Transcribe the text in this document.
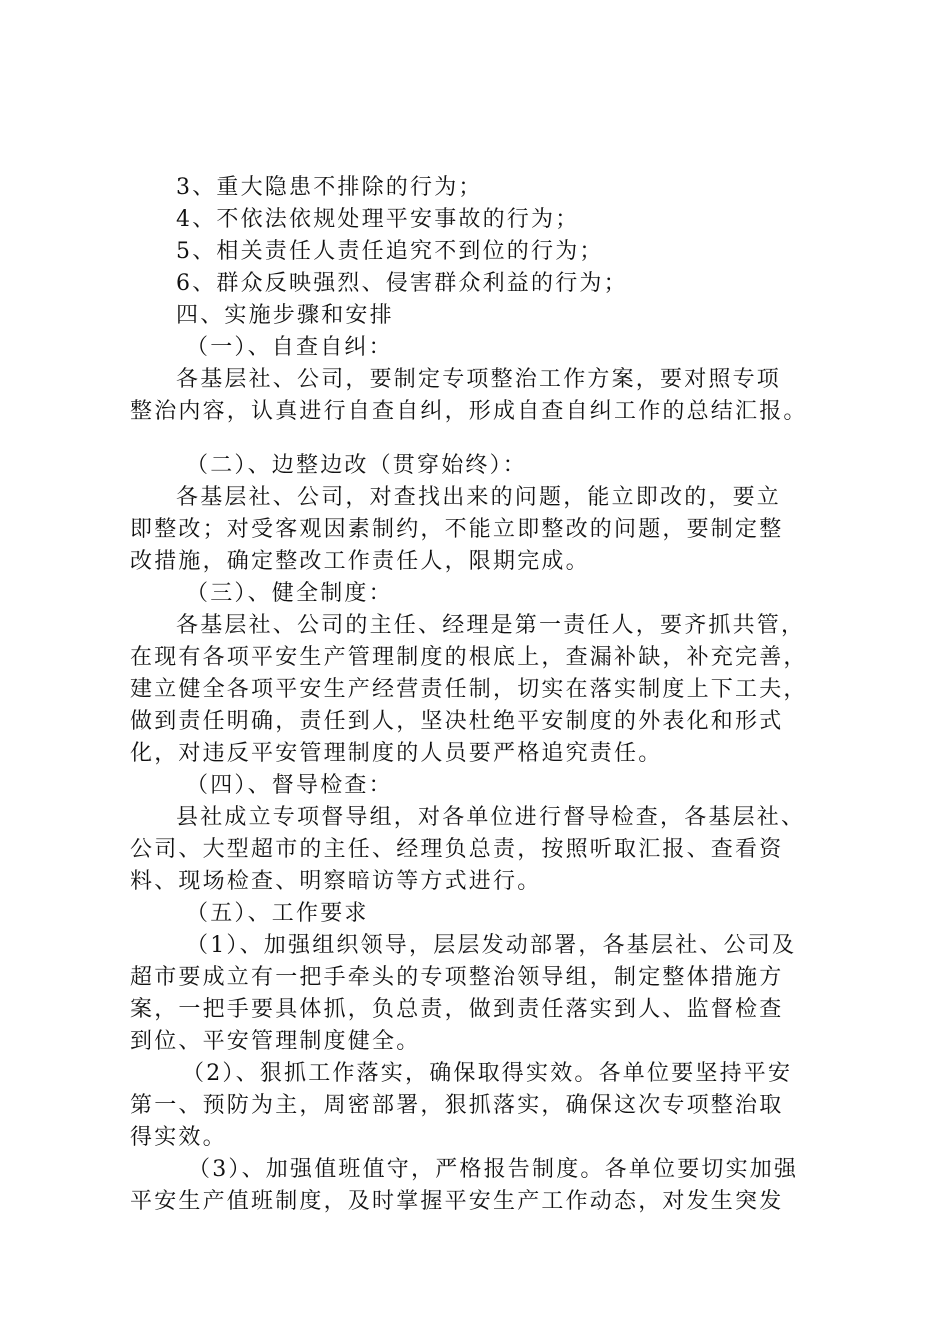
3、重大隐患不排除的行为；
4、不依法依规处理平安事故的行为；
5、相关责任人责任追究不到位的行为；
6、群众反映强烈、侵害群众利益的行为；
四、实施步骤和安排
（一）、自查自纠：
各基层社、公司，要制定专项整治工作方案，要对照专项
整治内容，认真进行自查自纠，形成自查自纠工作的总结汇报。
（二）、边整边改（贯穿始终）：
各基层社、公司，对查找出来的问题，能立即改的，要立
即整改；对受客观因素制约，不能立即整改的问题，要制定整
改措施，确定整改工作责任人，限期完成。
（三）、健全制度：
各基层社、公司的主任、经理是第一责任人，要齐抓共管，
在现有各项平安生产管理制度的根底上，查漏补缺，补充完善，
建立健全各项平安生产经营责任制，切实在落实制度上下工夫，
做到责任明确，责任到人，坚决杜绝平安制度的外表化和形式
化，对违反平安管理制度的人员要严格追究责任。
（四）、督导检查：
县社成立专项督导组，对各单位进行督导检查，各基层社、
公司、大型超市的主任、经理负总责，按照听取汇报、查看资
料、现场检查、明察暗访等方式进行。
（五）、工作要求
（1）、加强组织领导，层层发动部署，各基层社、公司及
超市要成立有一把手牵头的专项整治领导组，制定整体措施方
案，一把手要具体抓，负总责，做到责任落实到人、监督检查
到位、平安管理制度健全。
（2）、狠抓工作落实，确保取得实效。各单位要坚持平安
第一、预防为主，周密部署，狠抓落实，确保这次专项整治取
得实效。
（3）、加强值班值守，严格报告制度。各单位要切实加强
平安生产值班制度，及时掌握平安生产工作动态，对发生突发
